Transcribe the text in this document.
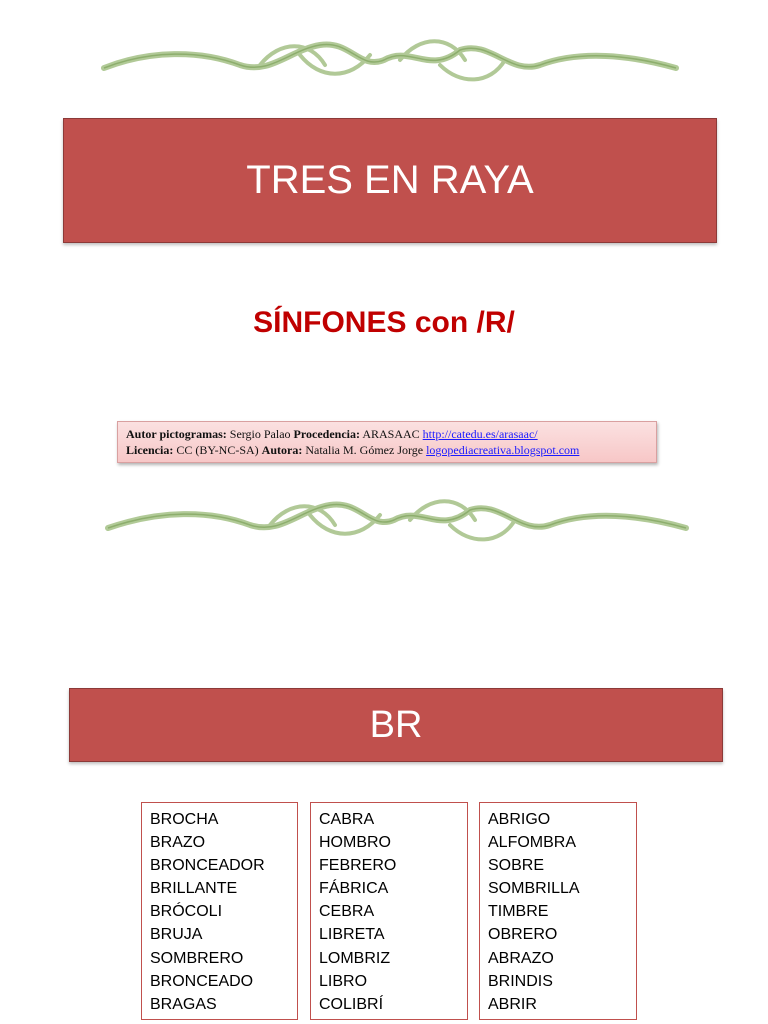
TRES EN RAYA
SÍNFONES con /R/
Autor pictogramas: Sergio Palao Procedencia: ARASAAC http://catedu.es/arasaac/
Licencia: CC (BY-NC-SA) Autora: Natalia M. Gómez Jorge logopediacreativa.blogspot.com
BR
BROCHA
BRAZO
BRONCEADOR
BRILLANTE
BRÓCOLI
BRUJA
SOMBRERO
BRONCEADO
BRAGAS
CABRA
HOMBRO
FEBRERO
FÁBRICA
CEBRA
LIBRETA
LOMBRIZ
LIBRO
COLIBRÍ
ABRIGO
ALFOMBRA
SOBRE
SOMBRILLA
TIMBRE
OBRERO
ABRAZO
BRINDIS
ABRIR
